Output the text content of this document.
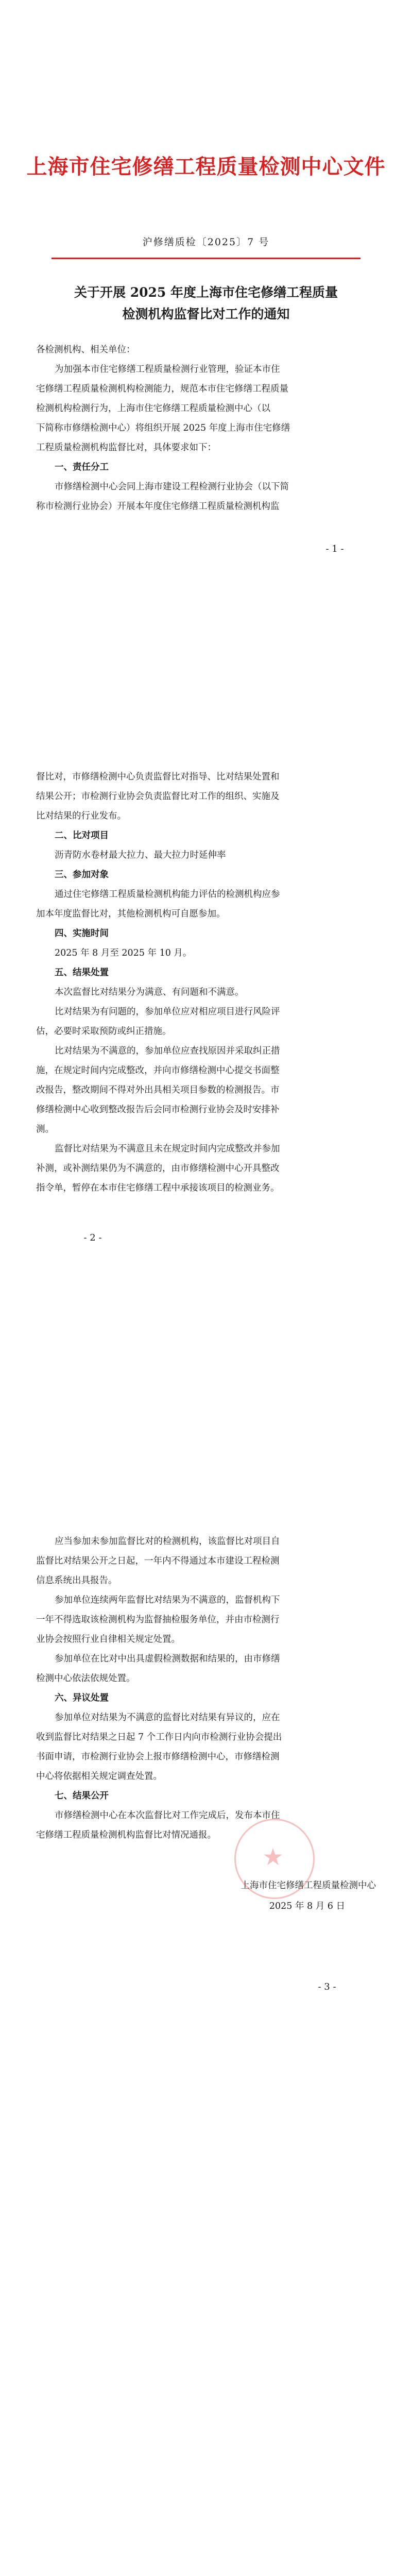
上海市住宅修缮工程质量检测中心文件
沪修缮质检〔2025〕7 号
关于开展 2025 年度上海市住宅修缮工程质量
检测机构监督比对工作的通知
各检测机构、相关单位：
为加强本市住宅修缮工程质量检测行业管理，验证本市住
宅修缮工程质量检测机构检测能力，规范本市住宅修缮工程质量
检测机构检测行为，上海市住宅修缮工程质量检测中心（以
下简称市修缮检测中心）将组织开展 2025 年度上海市住宅修缮
工程质量检测机构监督比对，具体要求如下：
一、责任分工
市修缮检测中心会同上海市建设工程检测行业协会（以下简
称市检测行业协会）开展本年度住宅修缮工程质量检测机构监
- 1 -
督比对，市修缮检测中心负责监督比对指导、比对结果处置和
结果公开；市检测行业协会负责监督比对工作的组织、实施及
比对结果的行业发布。
二、比对项目
沥青防水卷材最大拉力、最大拉力时延伸率
三、参加对象
通过住宅修缮工程质量检测机构能力评估的检测机构应参
加本年度监督比对，其他检测机构可自愿参加。
四、实施时间
2025 年 8 月至 2025 年 10 月。
五、结果处置
本次监督比对结果分为满意、有问题和不满意。
比对结果为有问题的，参加单位应对相应项目进行风险评
估，必要时采取预防或纠正措施。
比对结果为不满意的，参加单位应查找原因并采取纠正措
施，在规定时间内完成整改，并向市修缮检测中心提交书面整
改报告，整改期间不得对外出具相关项目参数的检测报告。市
修缮检测中心收到整改报告后会同市检测行业协会及时安排补
测。
监督比对结果为不满意且未在规定时间内完成整改并参加
补测，或补测结果仍为不满意的，由市修缮检测中心开具整改
指令单，暂停在本市住宅修缮工程中承接该项目的检测业务。
- 2 -
应当参加未参加监督比对的检测机构，该监督比对项目自
监督比对结果公开之日起，一年内不得通过本市建设工程检测
信息系统出具报告。
参加单位连续两年监督比对结果为不满意的，监督机构下
一年不得选取该检测机构为监督抽检服务单位，并由市检测行
业协会按照行业自律相关规定处置。
参加单位在比对中出具虚假检测数据和结果的，由市修缮
检测中心依法依规处置。
六、异议处置
参加单位对结果为不满意的监督比对结果有异议的，应在
收到监督比对结果之日起 7 个工作日内向市检测行业协会提出
书面申请，市检测行业协会上报市修缮检测中心，市修缮检测
中心将依据相关规定调查处置。
七、结果公开
市修缮检测中心在本次监督比对工作完成后，发布本市住
宅修缮工程质量检测机构监督比对情况通报。
上海市住宅修缮工程质量检测中心
2025 年 8 月 6 日
★
- 3 -
